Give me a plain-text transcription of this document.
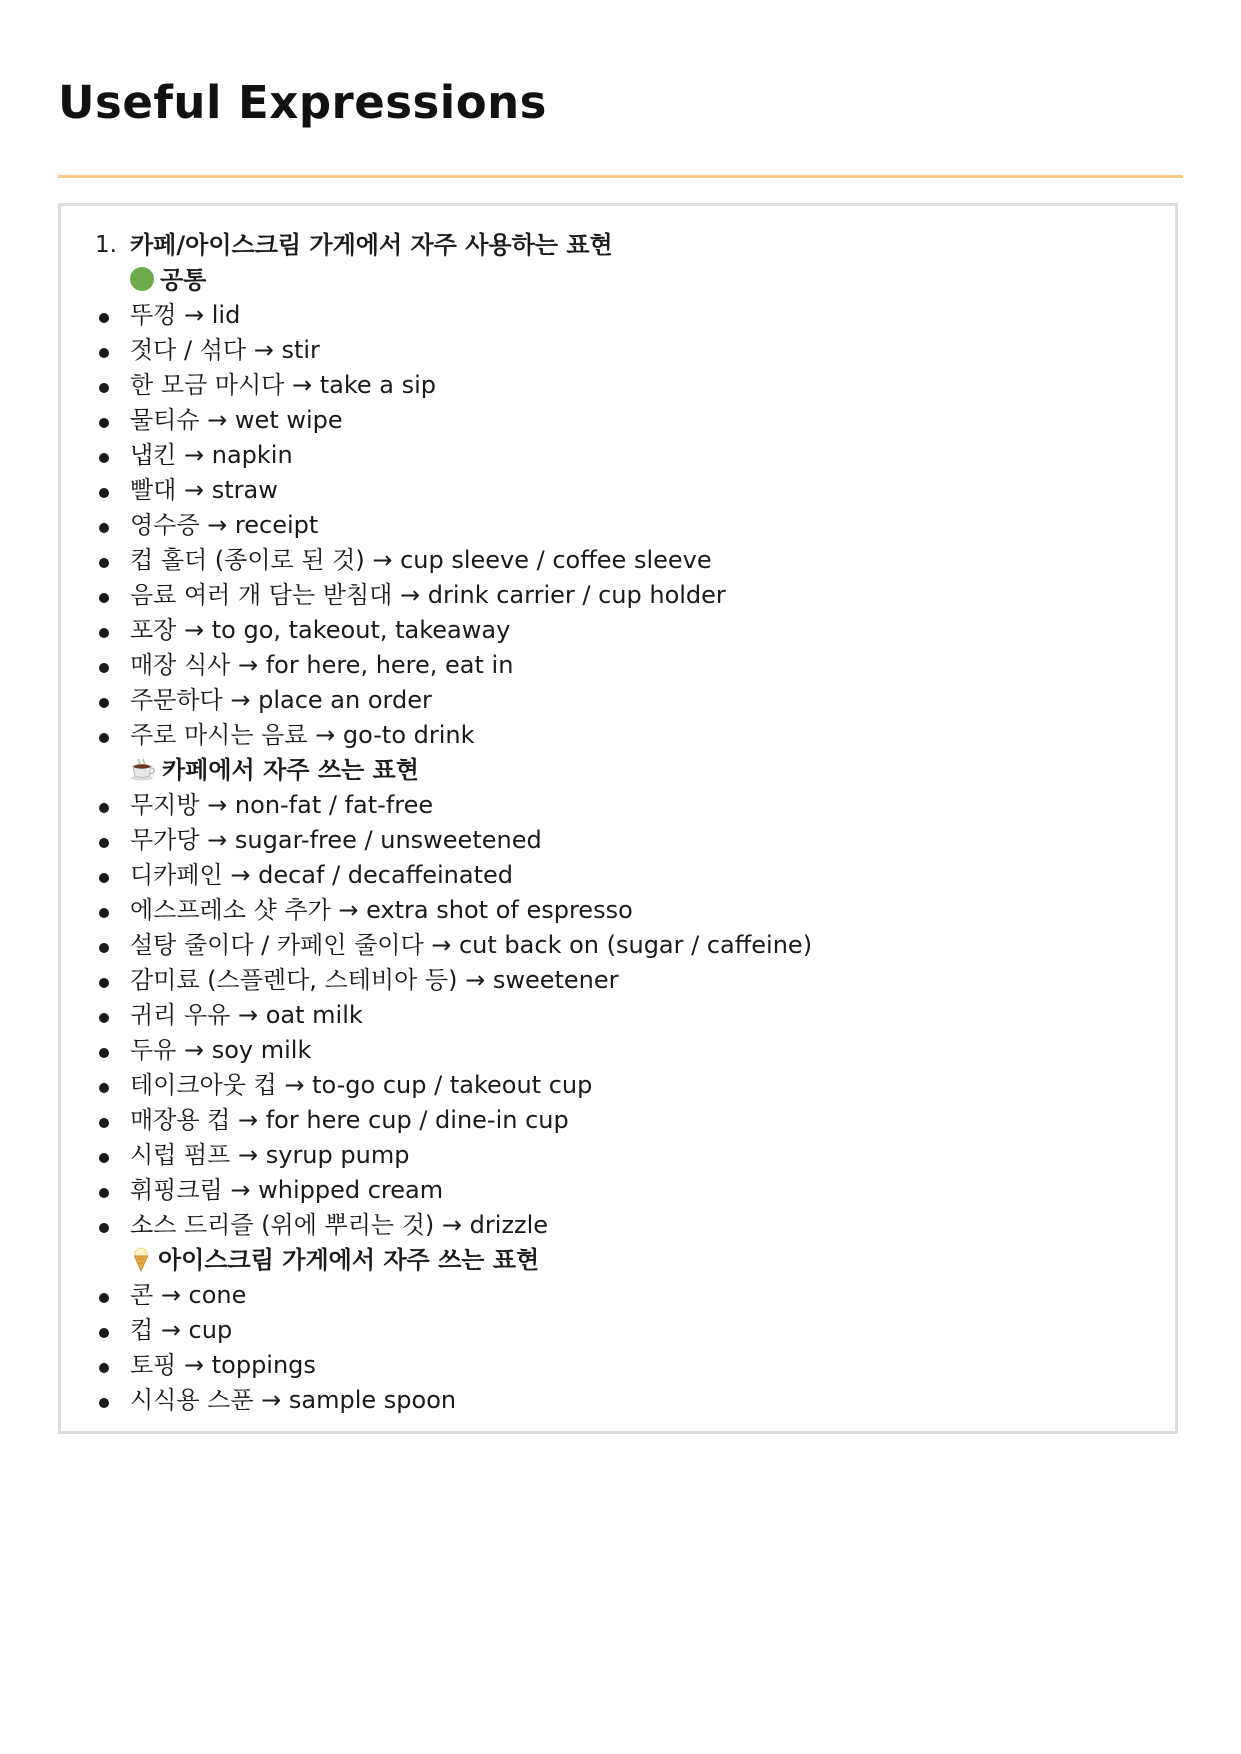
Useful Expressions
1. 카페/아이스크림 가게에서 자주 사용하는 표현
공통
뚜껑 → lid
젓다 / 섞다 → stir
한 모금 마시다 → take a sip
물티슈 → wet wipe
냅킨 → napkin
빨대 → straw
영수증 → receipt
컵 홀더 (종이로 된 것) → cup sleeve / coffee sleeve
음료 여러 개 담는 받침대 → drink carrier / cup holder
포장 → to go, takeout, takeaway
매장 식사 → for here, here, eat in
주문하다 → place an order
주로 마시는 음료 → go-to drink
카페에서 자주 쓰는 표현
무지방 → non-fat / fat-free
무가당 → sugar-free / unsweetened
디카페인 → decaf / decaffeinated
에스프레소 샷 추가 → extra shot of espresso
설탕 줄이다 / 카페인 줄이다 → cut back on (sugar / caffeine)
감미료 (스플렌다, 스테비아 등) → sweetener
귀리 우유 → oat milk
두유 → soy milk
테이크아웃 컵 → to-go cup / takeout cup
매장용 컵 → for here cup / dine-in cup
시럽 펌프 → syrup pump
휘핑크림 → whipped cream
소스 드리즐 (위에 뿌리는 것) → drizzle
아이스크림 가게에서 자주 쓰는 표현
콘 → cone
컵 → cup
토핑 → toppings
시식용 스푼 → sample spoon
